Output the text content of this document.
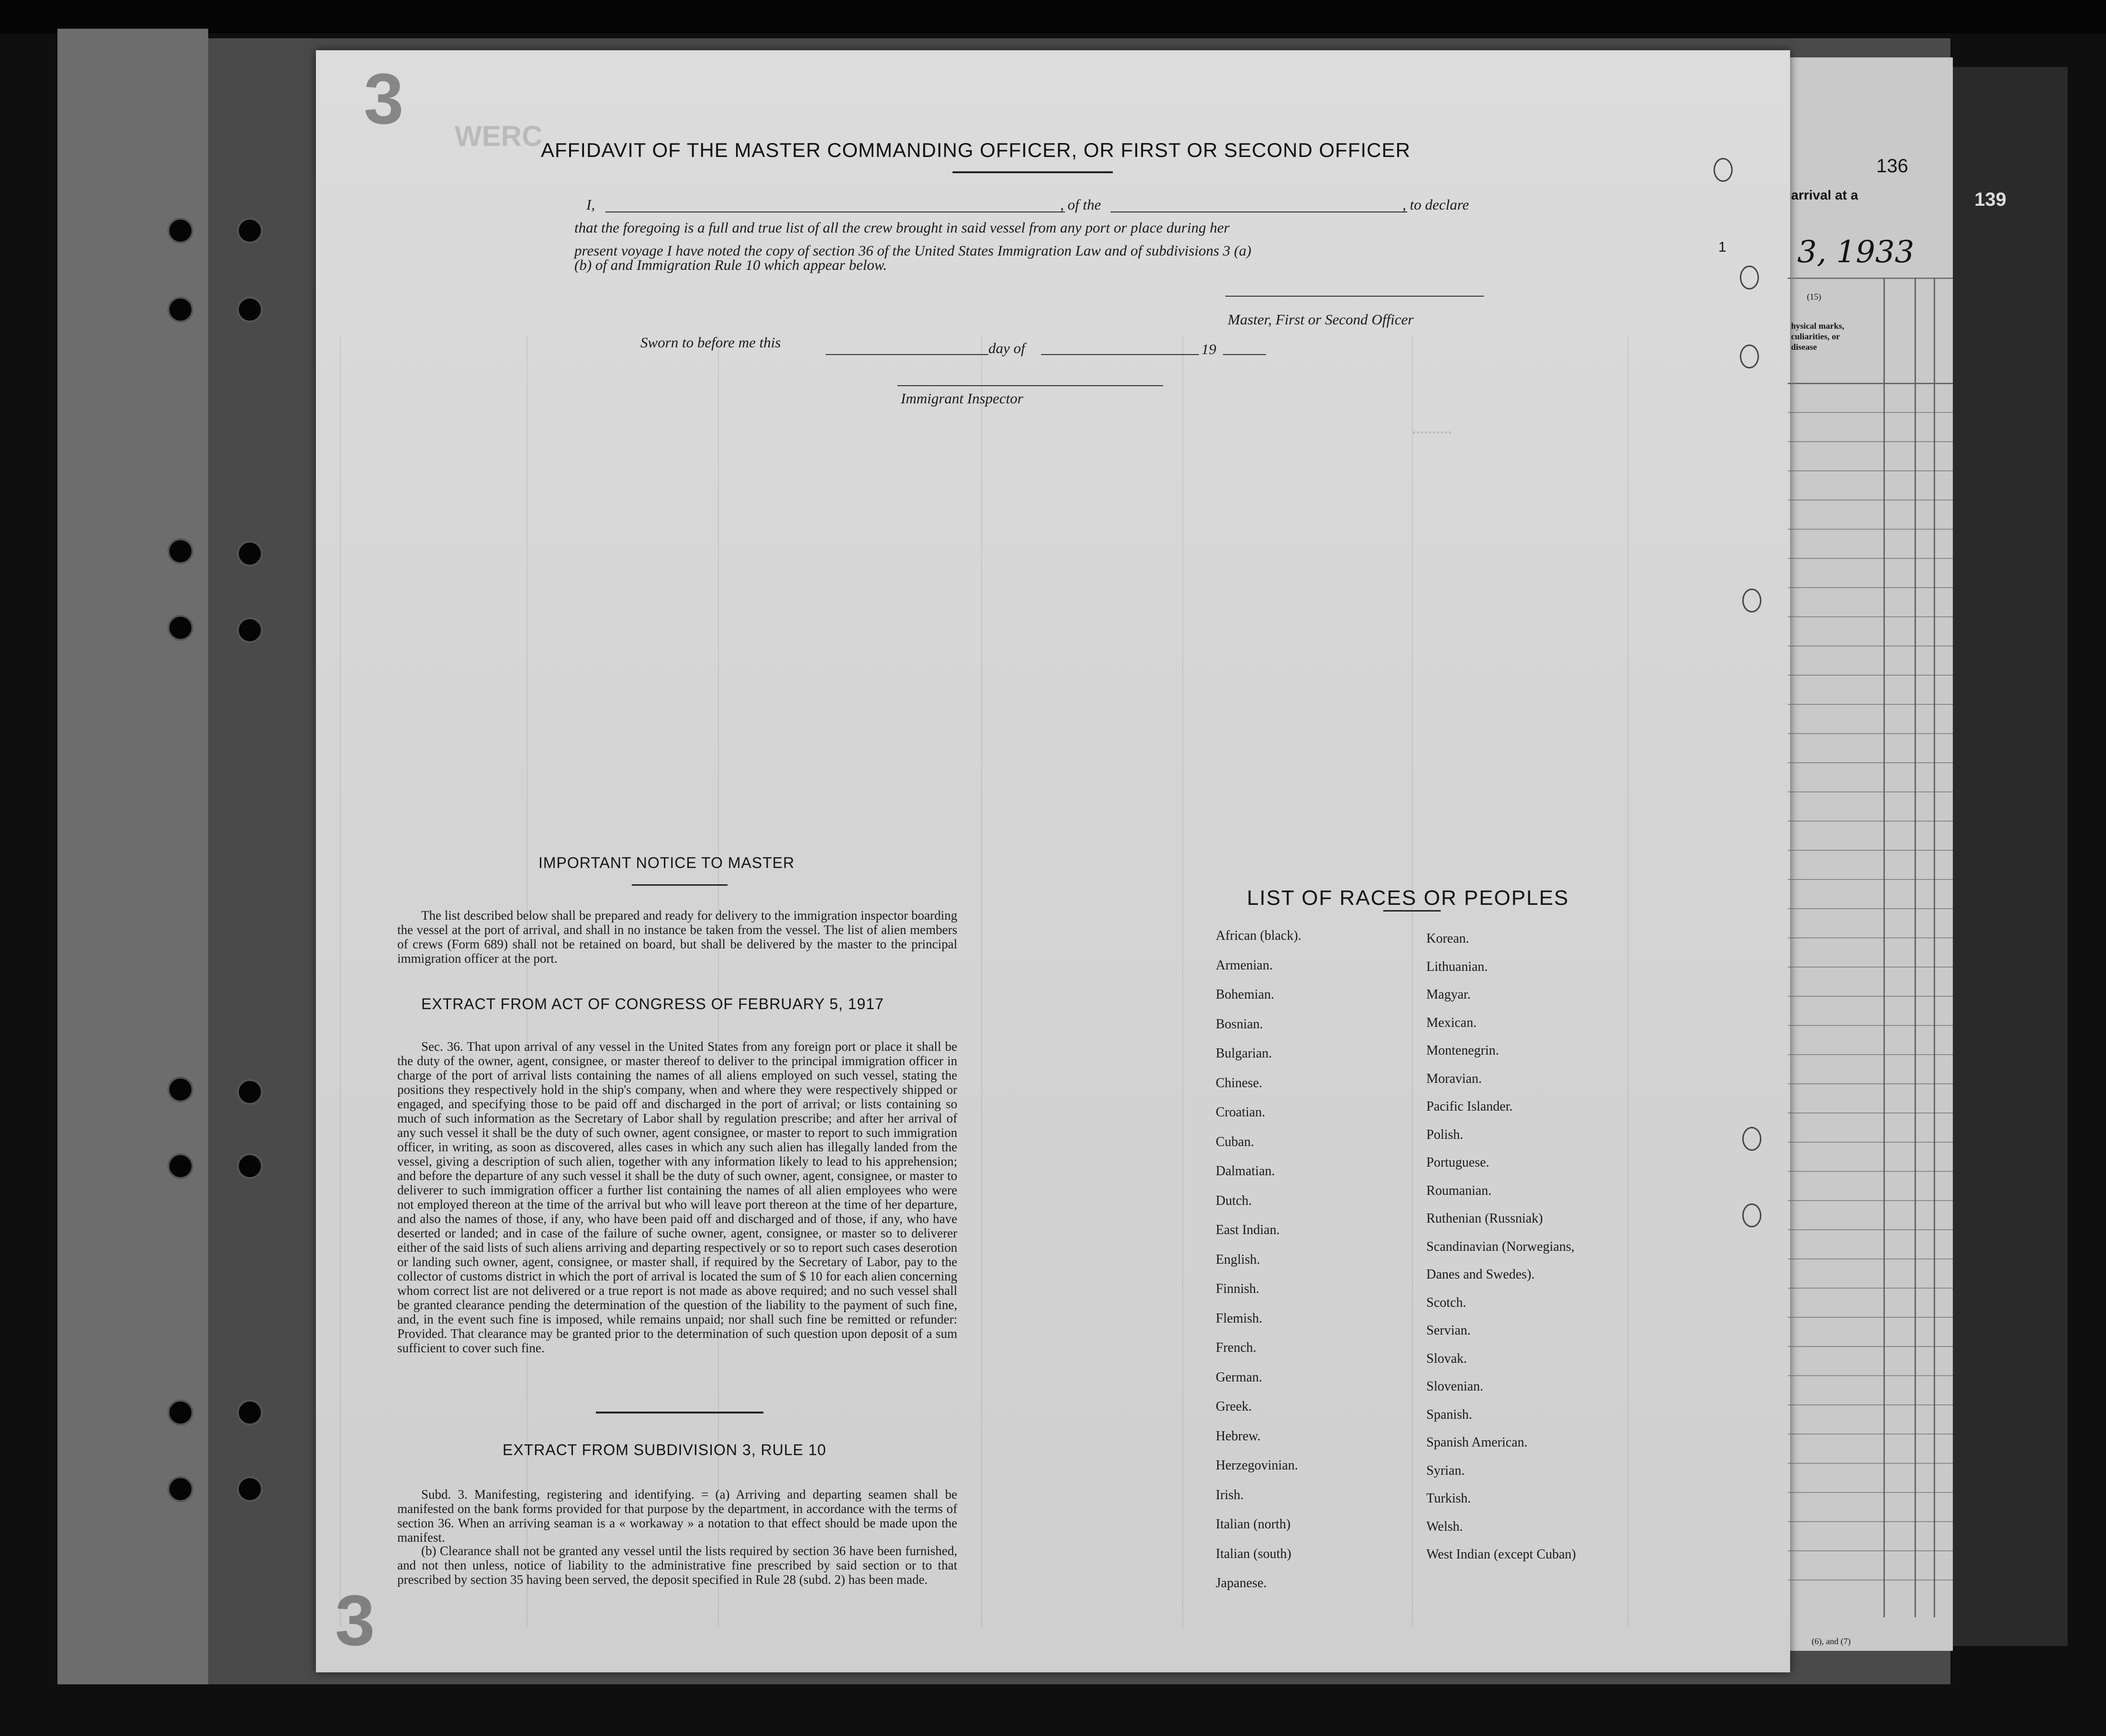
3
3
AFFIDAVIT OF THE MASTER COMMANDING OFFICER, OR FIRST OR SECOND OFFICER
I,	, of the	, to declare
that the foregoing is a full and true list of all the crew brought in said vessel from any port or place during her
present voyage I have noted the copy of section 36 of the United States Immigration Law and of subdivisions 3 (a)
(b) of and Immigration Rule 10 which appear below.
1
Master, First or Second Officer
Sworn to before me this	day of	19
Immigrant Inspector
WERC
..........
IMPORTANT NOTICE TO MASTER
The list described below shall be prepared and ready for delivery to the immigration inspector boarding the vessel at the port of arrival, and shall in no instance be taken from the vessel. The list of alien members of crews (Form 689) shall not be retained on board, but shall be delivered by the master to the principal immigration officer at the port.
EXTRACT FROM ACT OF CONGRESS OF FEBRUARY 5, 1917
Sec. 36. That upon arrival of any vessel in the United States from any foreign port or place it shall be the duty of the owner, agent, consignee, or master thereof to deliver to the principal immigration officer in charge of the port of arrival lists containing the names of all aliens employed on such vessel, stating the positions they respectively hold in the ship's company, when and where they were respectively shipped or engaged, and specifying those to be paid off and discharged in the port of arrival; or lists containing so much of such information as the Secretary of Labor shall by regulation prescribe; and after her arrival of any such vessel it shall be the duty of such owner, agent consignee, or master to report to such immigration officer, in writing, as soon as discovered, alles cases in which any such alien has illegally landed from the vessel, giving a description of such alien, together with any information likely to lead to his apprehension; and before the departure of any such vessel it shall be the duty of such owner, agent, consignee, or master to deliverer to such immigration officer a further list containing the names of all alien employees who were not employed thereon at the time of the arrival but who will leave port thereon at the time of her departure, and also the names of those, if any, who have been paid off and discharged and of those, if any, who have deserted or landed; and in case of the failure of suche owner, agent, consignee, or master so to deliverer either of the said lists of such aliens arriving and departing respectively or so to report such cases deserotion or landing such owner, agent, consignee, or master shall, if required by the Secretary of Labor, pay to the collector of customs district in which the port of arrival is located the sum of $ 10 for each alien concerning whom correct list are not delivered or a true report is not made as above required; and no such vessel shall be granted clearance pending the determination of the question of the liability to the payment of such fine, and, in the event such fine is imposed, while remains unpaid; nor shall such fine be remitted or refunder: Provided. That clearance may be granted prior to the determination of such question upon deposit of a sum sufficient to cover such fine.
EXTRACT FROM SUBDIVISION 3, RULE 10
Subd. 3. Manifesting, registering and identifying. = (a) Arriving and departing seamen shall be manifested on the bank forms provided for that purpose by the department, in accordance with the terms of section 36. When an arriving seaman is a « workaway » a notation to that effect should be made upon the manifest.
(b) Clearance shall not be granted any vessel until the lists required by section 36 have been furnished, and not then unless, notice of liability to the administrative fine prescribed by said section or to that prescribed by section 35 having been served, the deposit specified in Rule 28 (subd. 2) has been made.
LIST OF RACES OR PEOPLES
African (black).
Armenian.
Bohemian.
Bosnian.
Bulgarian.
Chinese.
Croatian.
Cuban.
Dalmatian.
Dutch.
East Indian.
English.
Finnish.
Flemish.
French.
German.
Greek.
Hebrew.
Herzegovinian.
Irish.
Italian (north)
Italian (south)
Japanese.
Korean.
Lithuanian.
Magyar.
Mexican.
Montenegrin.
Moravian.
Pacific Islander.
Polish.
Portuguese.
Roumanian.
Ruthenian (Russniak)
Scandinavian (Norwegians,
Danes and Swedes).
Scotch.
Servian.
Slovak.
Slovenian.
Spanish.
Spanish American.
Syrian.
Turkish.
Welsh.
West Indian (except Cuban)
136
139
arrival at a
3, 1933
(15)
hysical marks,
culiarities, or
disease
(6), and (7)
